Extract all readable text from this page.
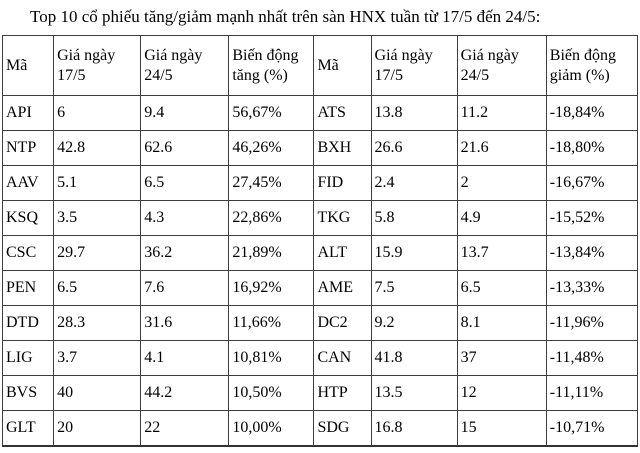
Top 10 cổ phiếu tăng/giảm mạnh nhất trên sàn HNX tuần từ 17/5 đến 24/5:

Mã	Giá ngày 17/5	Giá ngày 24/5	Biến động tăng (%)	Mã	Giá ngày 17/5	Giá ngày 24/5	Biến động giảm (%)
API	6	9.4	56,67%	ATS	13.8	11.2	-18,84%
NTP	42.8	62.6	46,26%	BXH	26.6	21.6	-18,80%
AAV	5.1	6.5	27,45%	FID	2.4	2	-16,67%
KSQ	3.5	4.3	22,86%	TKG	5.8	4.9	-15,52%
CSC	29.7	36.2	21,89%	ALT	15.9	13.7	-13,84%
PEN	6.5	7.6	16,92%	AME	7.5	6.5	-13,33%
DTD	28.3	31.6	11,66%	DC2	9.2	8.1	-11,96%
LIG	3.7	4.1	10,81%	CAN	41.8	37	-11,48%
BVS	40	44.2	10,50%	HTP	13.5	12	-11,11%
GLT	20	22	10,00%	SDG	16.8	15	-10,71%
